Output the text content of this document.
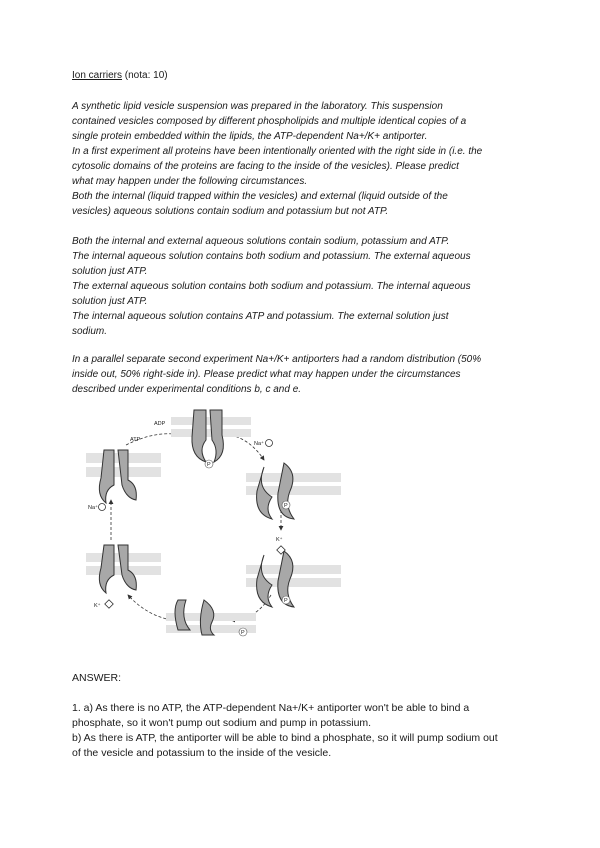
Ion carriers (nota: 10)
A synthetic lipid vesicle suspension was prepared in the laboratory. This suspension
contained vesicles composed by different phospholipids and multiple identical copies of a
single protein embedded within the lipids, the ATP-dependent Na+/K+ antiporter.
In a first experiment all proteins have been intentionally oriented with the right side in (i.e. the
cytosolic domains of the proteins are facing to the inside of the vesicles). Please predict
what may happen under the following circumstances.
Both the internal (liquid trapped within the vesicles) and external (liquid outside of the
vesicles) aqueous solutions contain sodium and potassium but not ATP.
Both the internal and external aqueous solutions contain sodium, potassium and ATP.
The internal aqueous solution contains both sodium and potassium. The external aqueous
solution just ATP.
The external aqueous solution contains both sodium and potassium. The internal aqueous
solution just ATP.
The internal aqueous solution contains ATP and potassium. The external solution just
sodium.
In a parallel separate second experiment Na+/K+ antiporters had a random distribution (50%
inside out, 50% right-side in). Please predict what may happen under the circumstances
described under experimental conditions b, c and e.
ATP
ADP
Na⁺
Na⁺
K⁺
K⁺
P
P
P
P
ANSWER:
1. a) As there is no ATP, the ATP-dependent Na+/K+ antiporter won't be able to bind a
phosphate, so it won't pump out sodium and pump in potassium.
b) As there is ATP, the antiporter will be able to bind a phosphate, so it will pump sodium out
of the vesicle and potassium to the inside of the vesicle.
